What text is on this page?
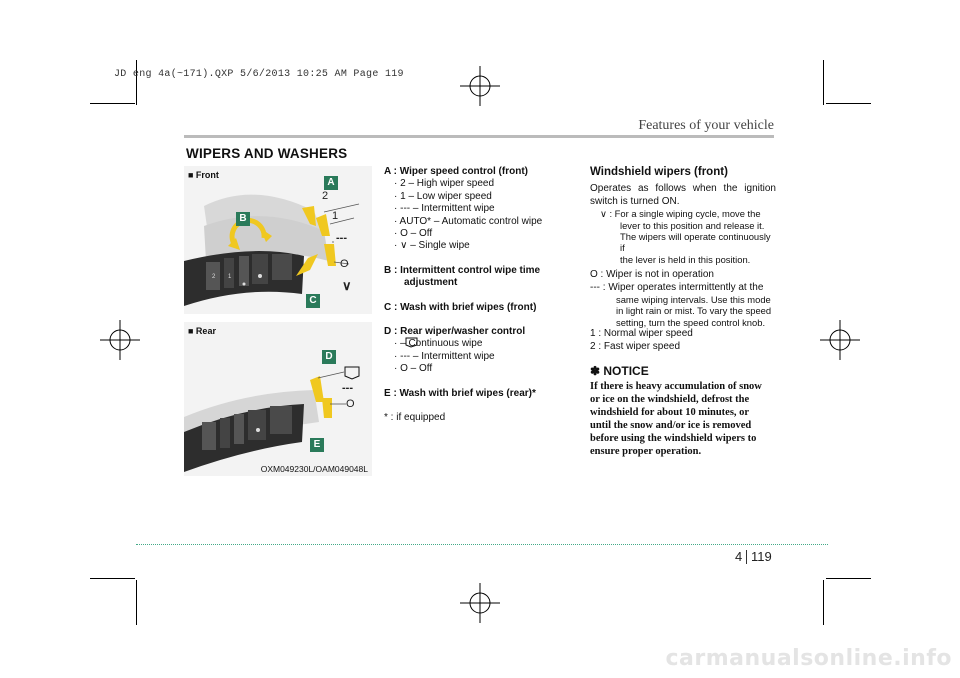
JD eng 4a(~171).QXP 5/6/2013 10:25 AM Page 119
Features of your vehicle
WIPERS AND WASHERS
■ Front
2 1
A
B
C
2
1
---
O
∨
■ Rear
D
E
---
O
OXM049230L/OAM049048L
A : Wiper speed control (front)
· 2 – High wiper speed
· 1 – Low wiper speed
· --- – Intermittent wipe
· AUTO* – Automatic control wipe
· O – Off
· ∨ – Single wipe
B : Intermittent control wipe time
adjustment
C : Wash with brief wipes (front)
D : Rear wiper/washer control
· – Continuous wipe
· --- – Intermittent wipe
· O – Off
E : Wash with brief wipes (rear)*
* : if equipped
Windshield wipers (front)
Operates as follows when the ignition switch is turned ON.
∨ : For a single wiping cycle, move the
lever to this position and release it.
The wipers will operate continuously if
the lever is held in this position.
O : Wiper is not in operation
--- : Wiper operates intermittently at the
same wiping intervals. Use this mode
in light rain or mist. To vary the speed
setting, turn the speed control knob.
1 : Normal wiper speed
2 : Fast wiper speed
✽ NOTICE
If there is heavy accumulation of snow
or ice on the windshield, defrost the
windshield for about 10 minutes, or
until the snow and/or ice is removed
before using the windshield wipers to
ensure proper operation.
4 119
carmanualsonline.info
